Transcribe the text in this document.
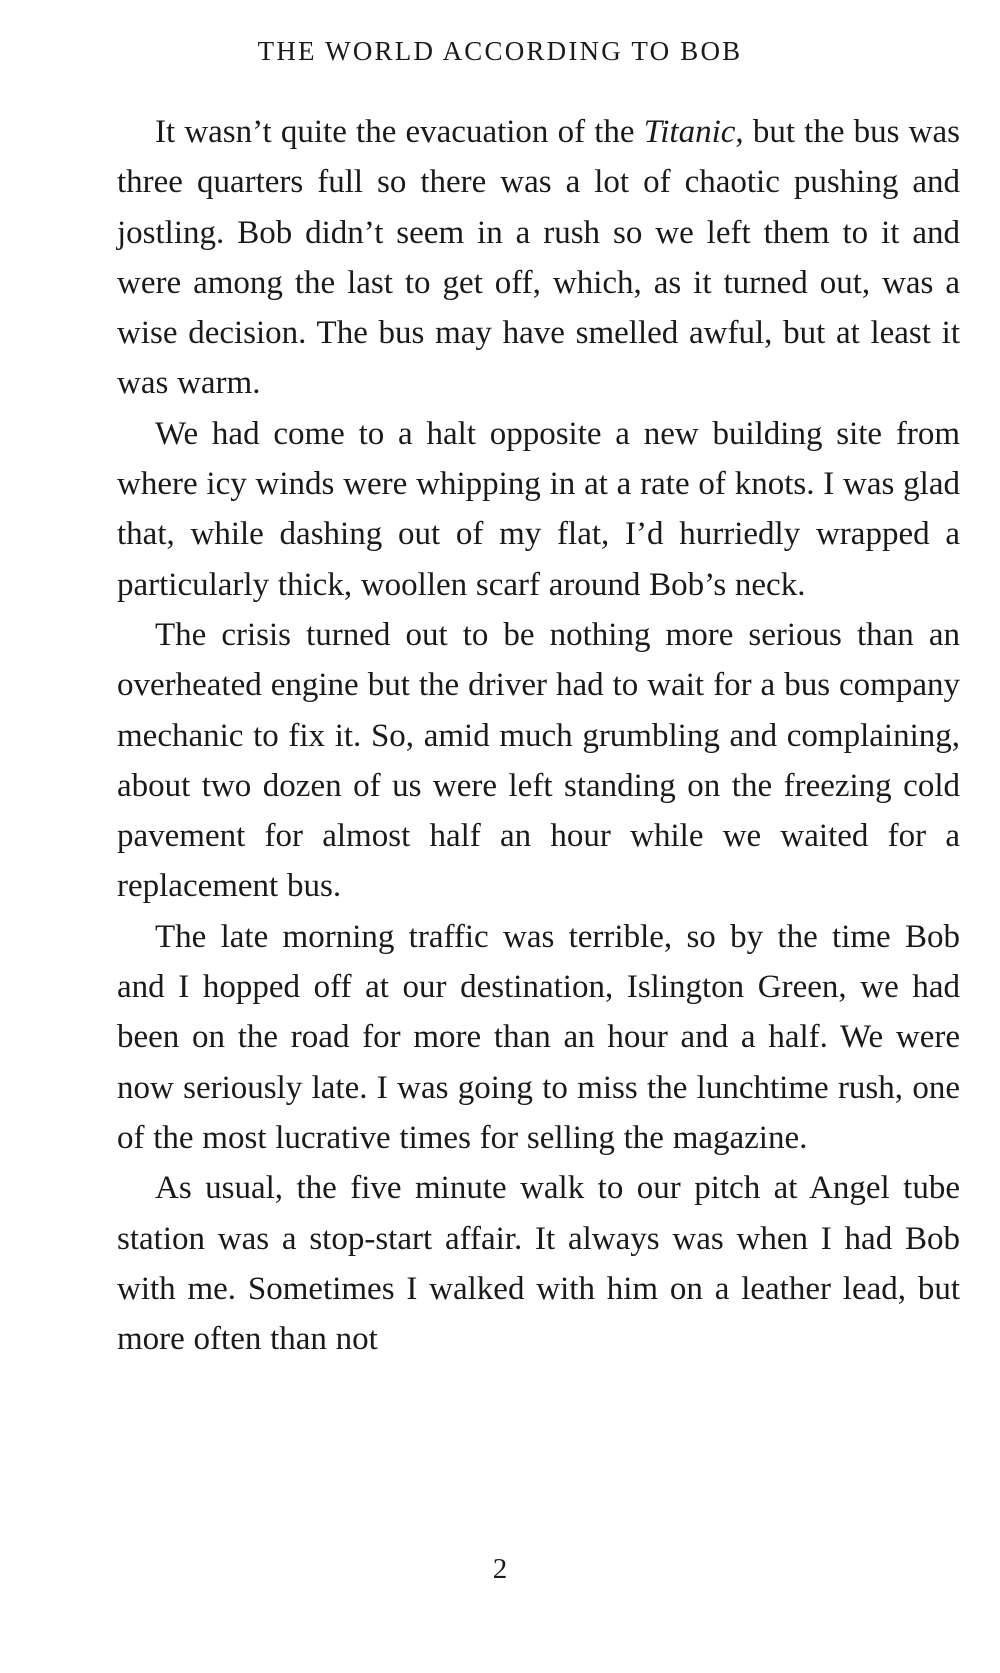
THE WORLD ACCORDING TO BOB

It wasn’t quite the evacuation of the Titanic, but the bus was three quarters full so there was a lot of chaotic pushing and jostling. Bob didn’t seem in a rush so we left them to it and were among the last to get off, which, as it turned out, was a wise decision. The bus may have smelled awful, but at least it was warm.

We had come to a halt opposite a new building site from where icy winds were whipping in at a rate of knots. I was glad that, while dashing out of my flat, I’d hurriedly wrapped a particularly thick, woollen scarf around Bob’s neck.

The crisis turned out to be nothing more serious than an overheated engine but the driver had to wait for a bus company mechanic to fix it. So, amid much grumbling and complaining, about two dozen of us were left standing on the freezing cold pavement for almost half an hour while we waited for a replacement bus.

The late morning traffic was terrible, so by the time Bob and I hopped off at our destination, Islington Green, we had been on the road for more than an hour and a half. We were now seriously late. I was going to miss the lunchtime rush, one of the most lucrative times for selling the magazine.

As usual, the five minute walk to our pitch at Angel tube station was a stop-start affair. It always was when I had Bob with me. Sometimes I walked with him on a leather lead, but more often than not

2
